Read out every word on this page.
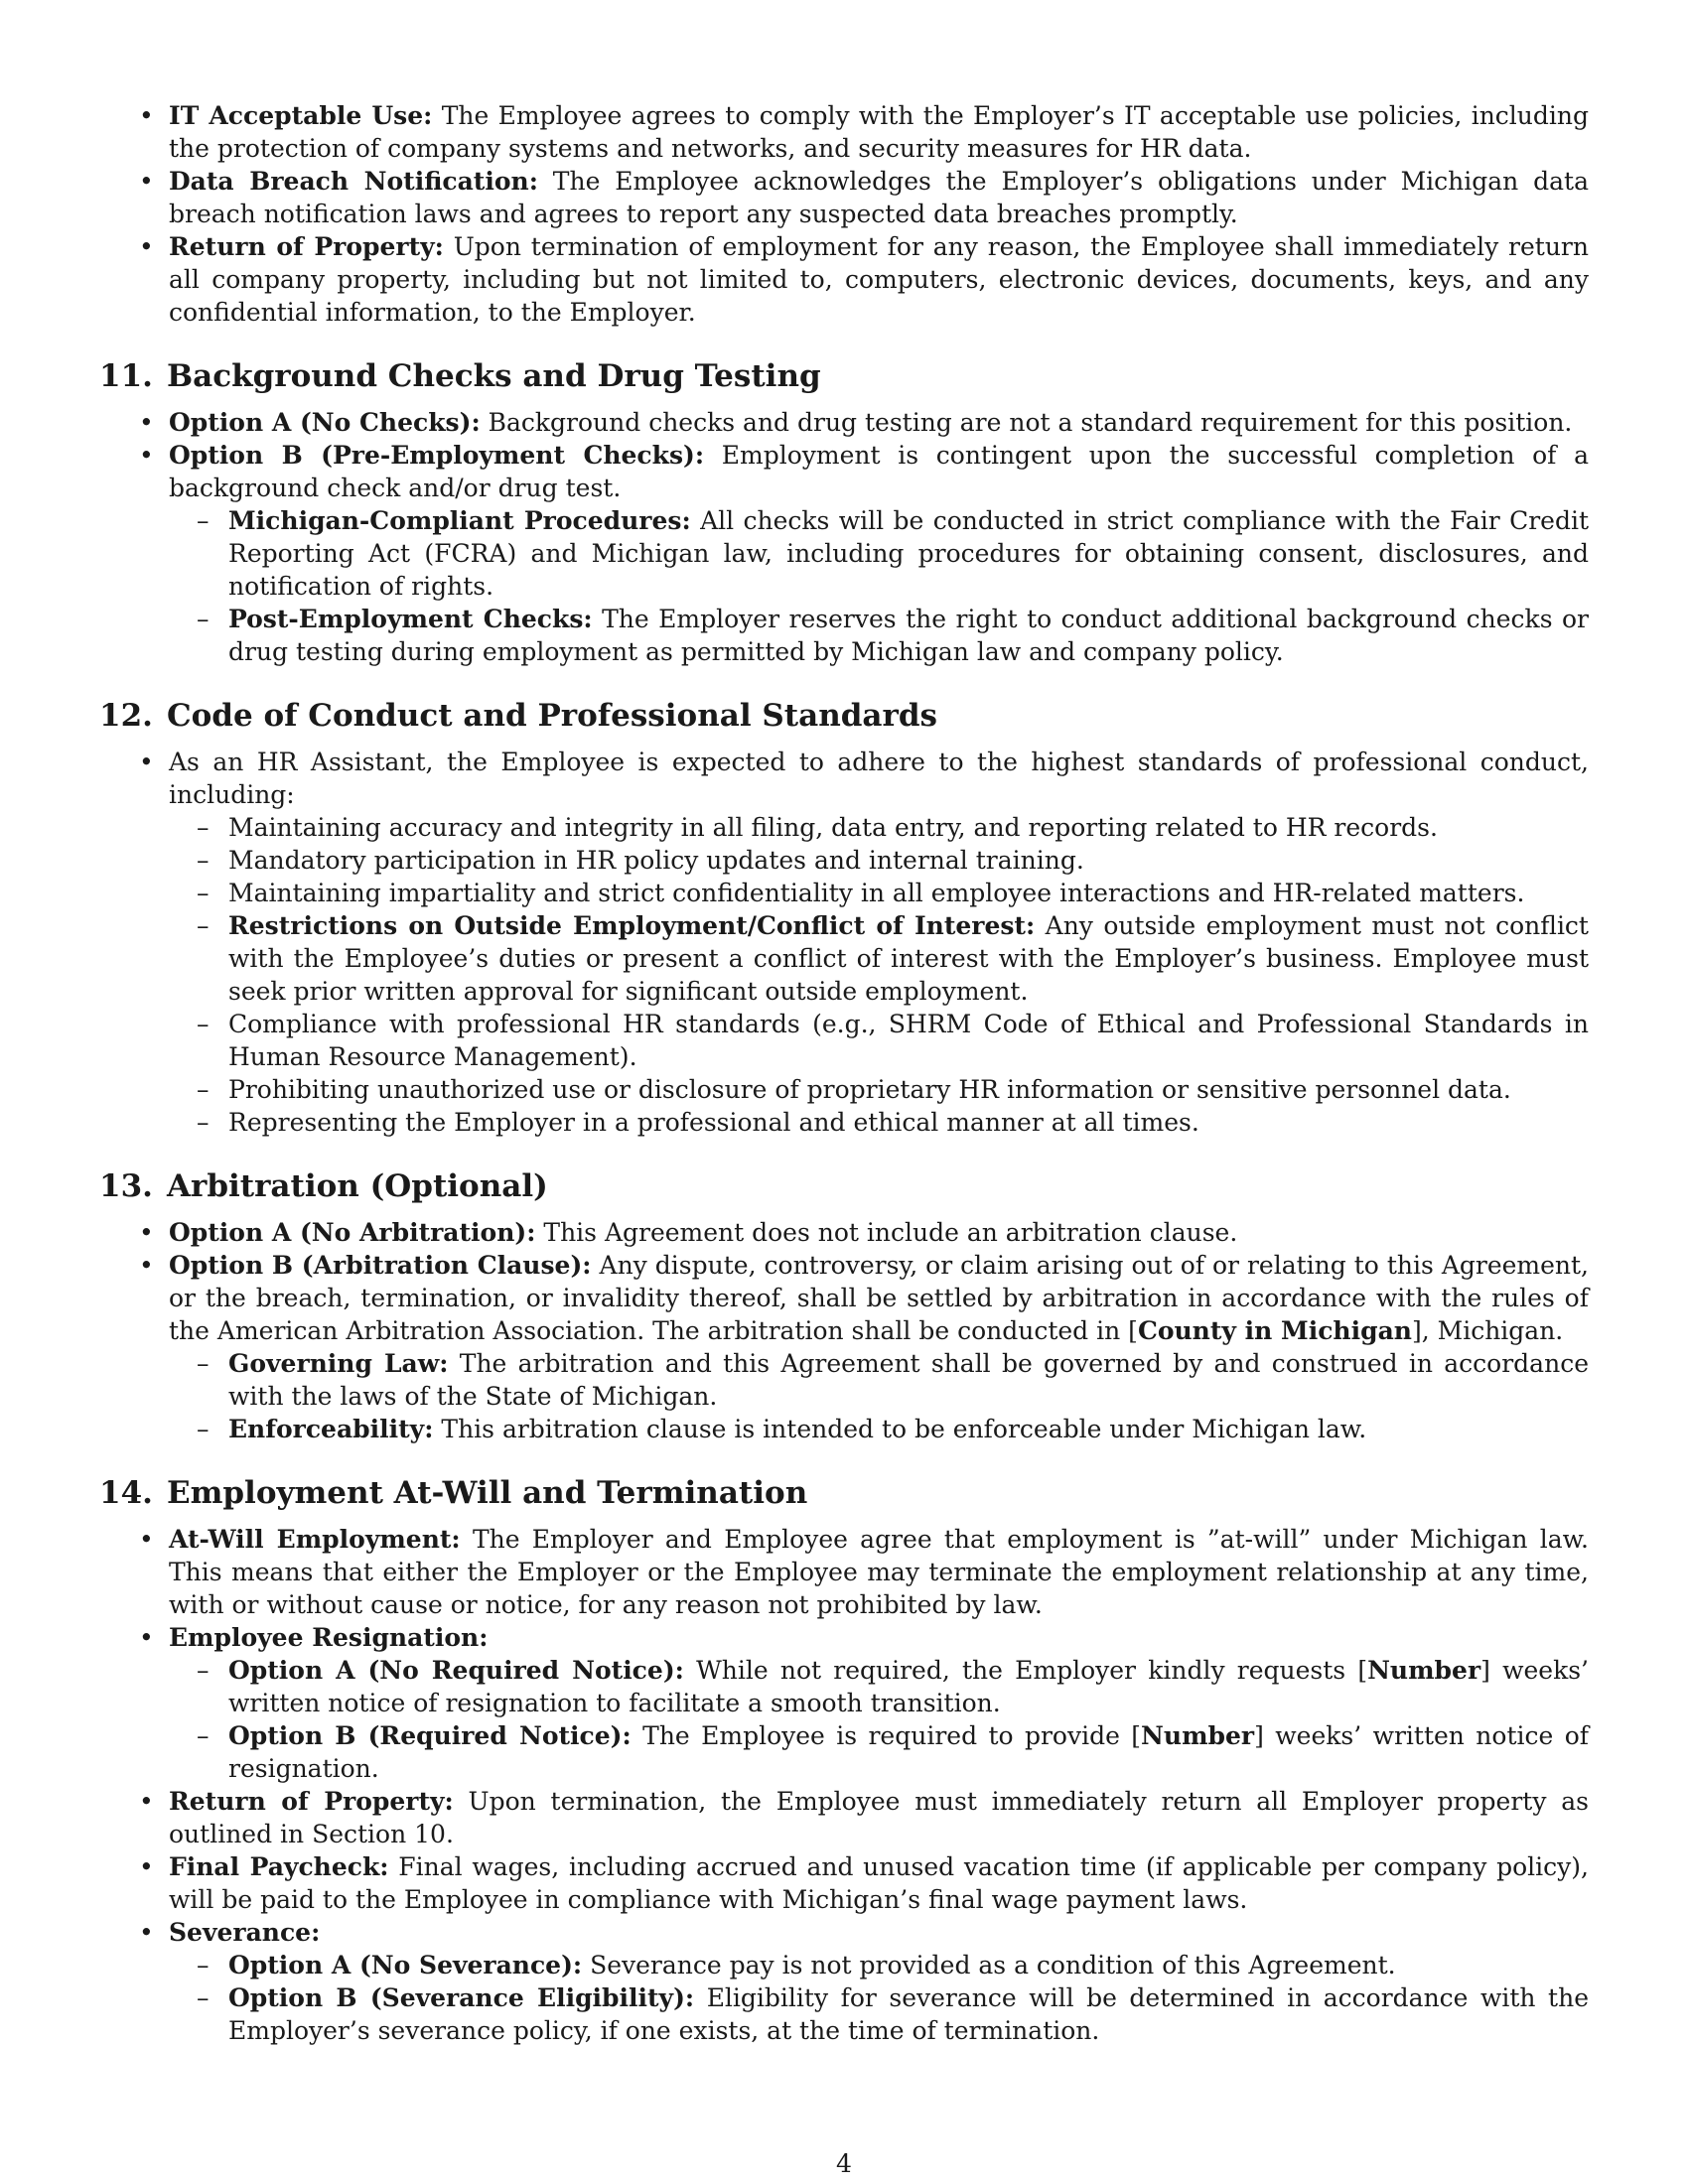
• IT Acceptable Use: The Employee agrees to comply with the Employer’s IT acceptable use policies, including the protection of company systems and networks, and security measures for HR data.
• Data Breach Notification: The Employee acknowledges the Employer’s obligations under Michigan data breach notification laws and agrees to report any suspected data breaches promptly.
• Return of Property: Upon termination of employment for any reason, the Employee shall immediately return all company property, including but not limited to, computers, electronic devices, documents, keys, and any confidential information, to the Employer.
11. Background Checks and Drug Testing
• Option A (No Checks): Background checks and drug testing are not a standard requirement for this position.
• Option B (Pre-Employment Checks): Employment is contingent upon the successful completion of a background check and/or drug test.
– Michigan-Compliant Procedures: All checks will be conducted in strict compliance with the Fair Credit Reporting Act (FCRA) and Michigan law, including procedures for obtaining consent, disclosures, and notification of rights.
– Post-Employment Checks: The Employer reserves the right to conduct additional background checks or drug testing during employment as permitted by Michigan law and company policy.
12. Code of Conduct and Professional Standards
• As an HR Assistant, the Employee is expected to adhere to the highest standards of professional conduct, including:
– Maintaining accuracy and integrity in all filing, data entry, and reporting related to HR records.
– Mandatory participation in HR policy updates and internal training.
– Maintaining impartiality and strict confidentiality in all employee interactions and HR-related matters.
– Restrictions on Outside Employment/Conflict of Interest: Any outside employment must not conflict with the Employee’s duties or present a conflict of interest with the Employer’s business. Employee must seek prior written approval for significant outside employment.
– Compliance with professional HR standards (e.g., SHRM Code of Ethical and Professional Standards in Human Resource Management).
– Prohibiting unauthorized use or disclosure of proprietary HR information or sensitive personnel data.
– Representing the Employer in a professional and ethical manner at all times.
13. Arbitration (Optional)
• Option A (No Arbitration): This Agreement does not include an arbitration clause.
• Option B (Arbitration Clause): Any dispute, controversy, or claim arising out of or relating to this Agreement, or the breach, termination, or invalidity thereof, shall be settled by arbitration in accordance with the rules of the American Arbitration Association. The arbitration shall be conducted in [County in Michigan], Michigan.
– Governing Law: The arbitration and this Agreement shall be governed by and construed in accordance with the laws of the State of Michigan.
– Enforceability: This arbitration clause is intended to be enforceable under Michigan law.
14. Employment At-Will and Termination
• At-Will Employment: The Employer and Employee agree that employment is ”at-will” under Michigan law. This means that either the Employer or the Employee may terminate the employment relationship at any time, with or without cause or notice, for any reason not prohibited by law.
• Employee Resignation:
– Option A (No Required Notice): While not required, the Employer kindly requests [Number] weeks’ written notice of resignation to facilitate a smooth transition.
– Option B (Required Notice): The Employee is required to provide [Number] weeks’ written notice of resignation.
• Return of Property: Upon termination, the Employee must immediately return all Employer property as outlined in Section 10.
• Final Paycheck: Final wages, including accrued and unused vacation time (if applicable per company policy), will be paid to the Employee in compliance with Michigan’s final wage payment laws.
• Severance:
– Option A (No Severance): Severance pay is not provided as a condition of this Agreement.
– Option B (Severance Eligibility): Eligibility for severance will be determined in accordance with the Employer’s severance policy, if one exists, at the time of termination.
4
